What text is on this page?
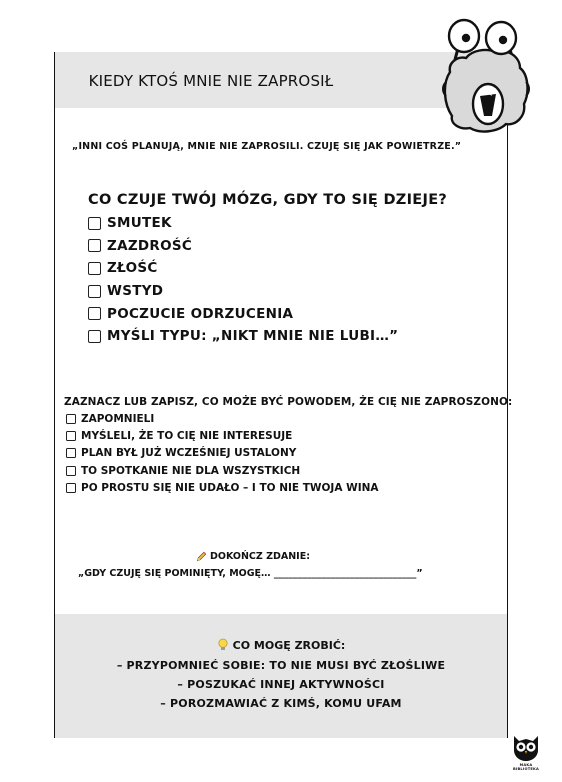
KIEDY KTOŚ MNIE NIE ZAPROSIŁ
„INNI COŚ PLANUJĄ, MNIE NIE ZAPROSILI. CZUJĘ SIĘ JAK POWIETRZE.”
CO CZUJE TWÓJ MÓZG, GDY TO SIĘ DZIEJE?
SMUTEK
ZAZDROŚĆ
ZŁOŚĆ
WSTYD
POCZUCIE ODRZUCENIA
MYŚLI TYPU: „NIKT MNIE NIE LUBI…”
ZAZNACZ LUB ZAPISZ, CO MOŻE BYĆ POWODEM, ŻE CIĘ NIE ZAPROSZONO:
ZAPOMNIELI
MYŚLELI, ŻE TO CIĘ NIE INTERESUJE
PLAN BYŁ JUŻ WCZEŚNIEJ USTALONY
TO SPOTKANIE NIE DLA WSZYSTKICH
PO PROSTU SIĘ NIE UDAŁO – I TO NIE TWOJA WINA
DOKOŃCZ ZDANIE:
„GDY CZUJĘ SIĘ POMINIĘTY, MOGĘ… ______________________________”
CO MOGĘ ZROBIĆ:
– PRZYPOMNIEĆ SOBIE: TO NIE MUSI BYĆ ZŁOŚLIWE
– POSZUKAĆ INNEJ AKTYWNOŚCI
– POROZMAWIAĆ Z KIMŚ, KOMU UFAM
MAKA BIBLIOTEKA
